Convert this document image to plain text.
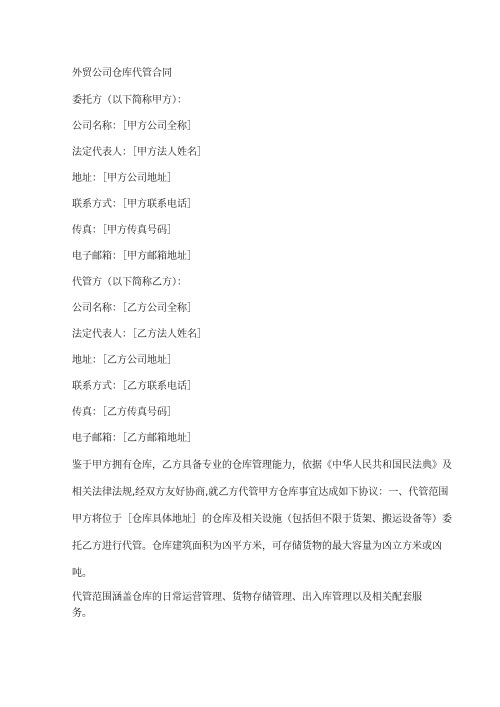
外贸公司仓库代管合同
委托方（以下简称甲方）：
公司名称：［甲方公司全称］
法定代表人：［甲方法人姓名］
地址：［甲方公司地址］
联系方式：［甲方联系电话］
传真：［甲方传真号码］
电子邮箱：［甲方邮箱地址］
代管方（以下简称乙方）：
公司名称：［乙方公司全称］
法定代表人：［乙方法人姓名］
地址：［乙方公司地址］
联系方式：［乙方联系电话］
传真：［乙方传真号码］
电子邮箱：［乙方邮箱地址］
鉴于甲方拥有仓库，乙方具备专业的仓库管理能力，依据《中华人民共和国民法典》及
相关法律法规,经双方友好协商,就乙方代管甲方仓库事宜达成如下协议：一、代管范围
甲方将位于［仓库具体地址］的仓库及相关设施（包括但不限于货架、搬运设备等）委
托乙方进行代管。仓库建筑面积为凶平方米，可存储货物的最大容量为凶立方米或凶
吨。
代管范围涵盖仓库的日常运营管理、货物存储管理、出入库管理以及相关配套服
务。
